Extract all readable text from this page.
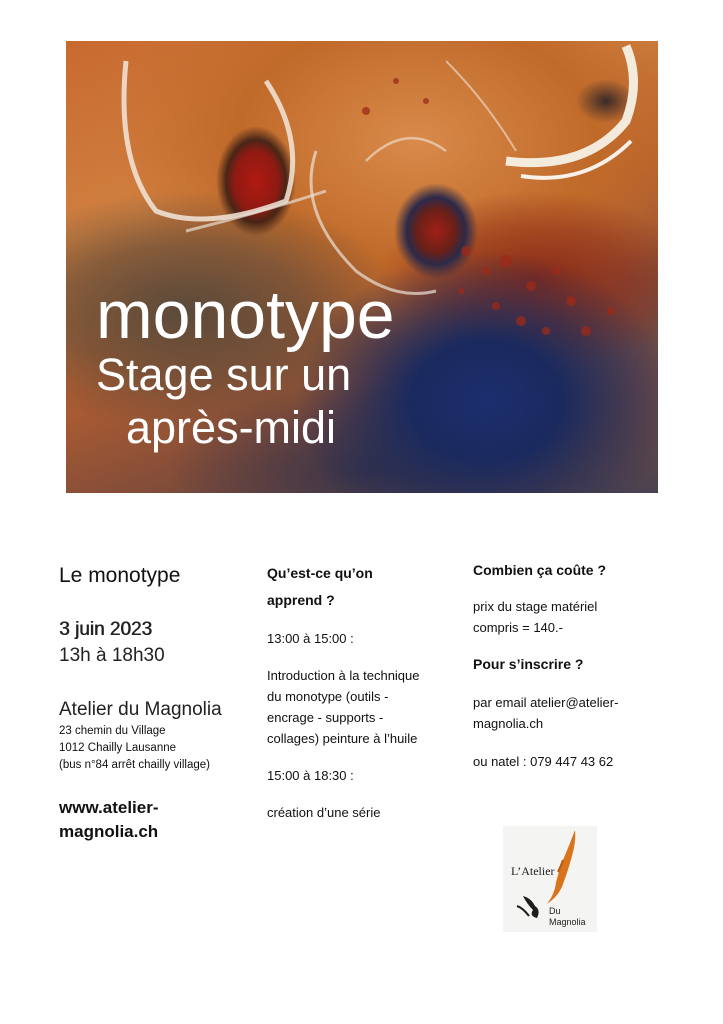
monotype
Stage sur un
après-midi
Le monotype
3 juin 2023
13h à 18h30
Atelier du Magnolia
23 chemin du Village
1012 Chailly Lausanne
(bus n°84 arrêt chailly village)
www.atelier-
magnolia.ch
Qu’est-ce qu’on
apprend ?
13:00 à 15:00 :
Introduction à la technique
du monotype (outils -
encrage - supports -
collages) peinture à l’huile
15:00 à 18:30 :
création d’une série
Combien ça coûte ?
prix du stage matériel
compris = 140.-
Pour s’inscrire ?
par email atelier@atelier-
magnolia.ch
ou natel : 079 447 43 62
L’Atelier
Du
Magnolia
